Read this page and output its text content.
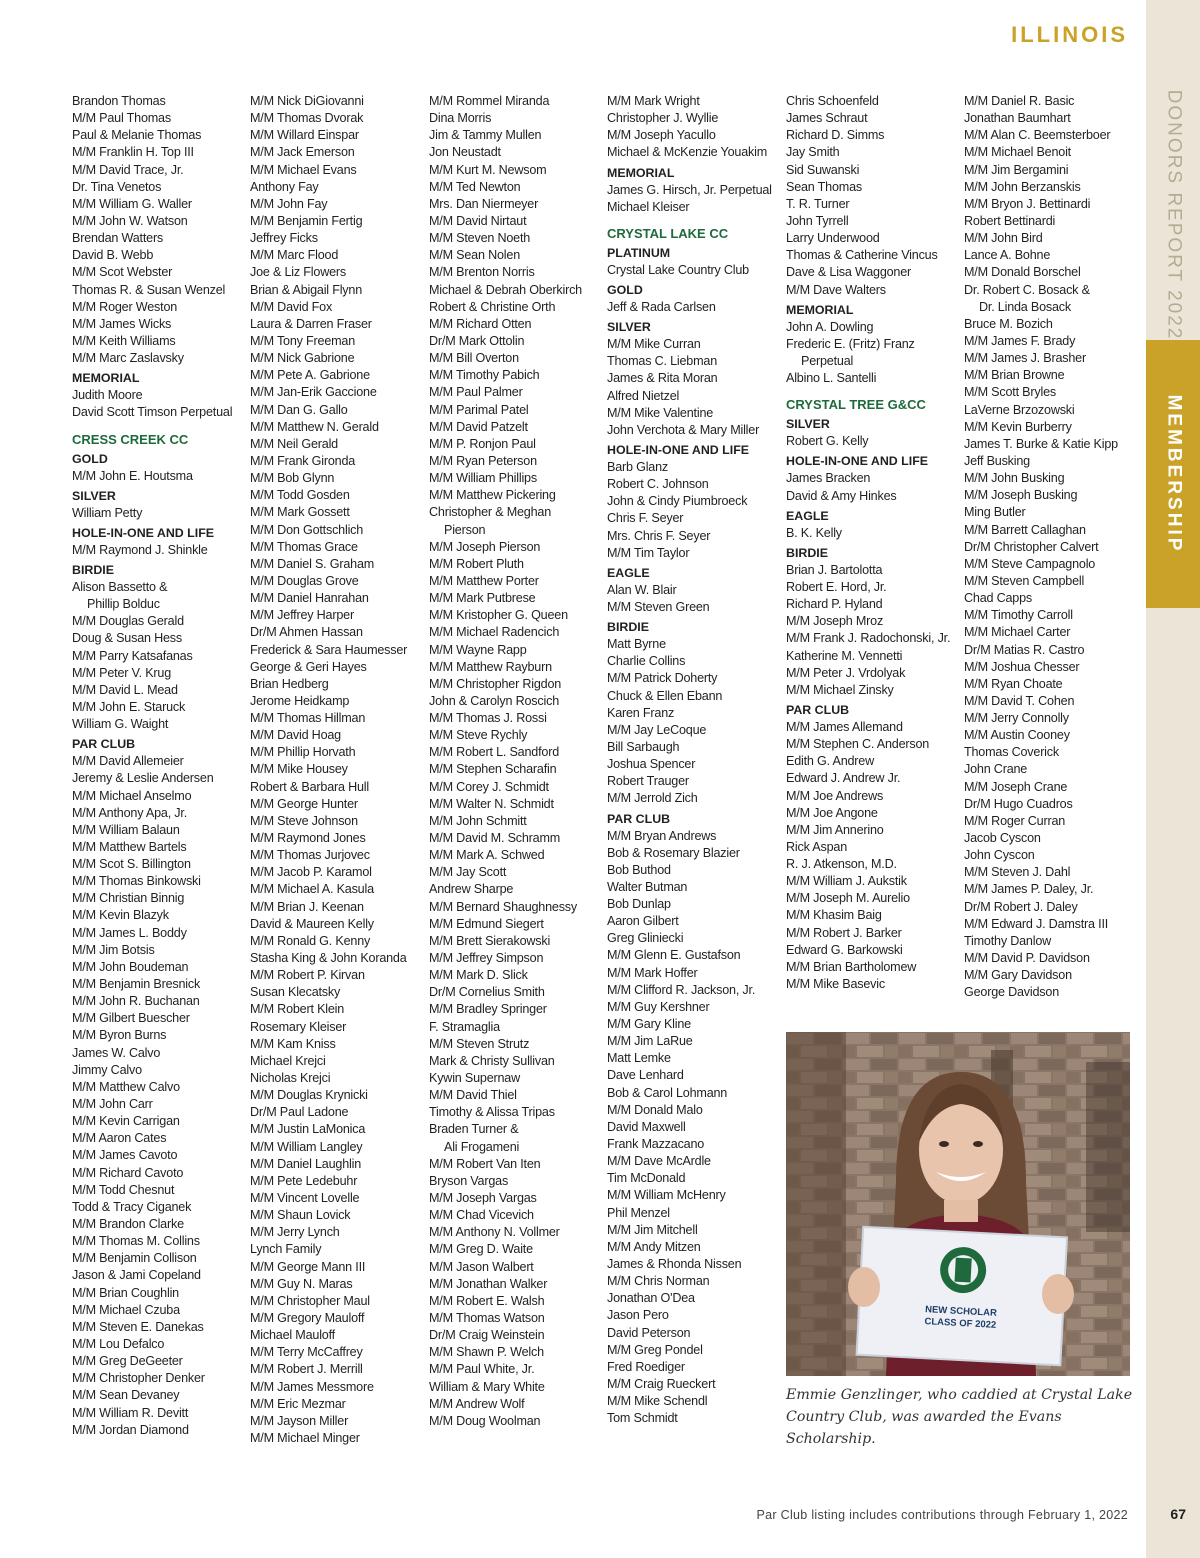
ILLINOIS
DONORS REPORT 2022
MEMBERSHIP
Brandon Thomas
M/M Paul Thomas
Paul & Melanie Thomas
M/M Franklin H. Top III
M/M David Trace, Jr.
Dr. Tina Venetos
M/M William G. Waller
M/M John W. Watson
Brendan Watters
David B. Webb
M/M Scot Webster
Thomas R. & Susan Wenzel
M/M Roger Weston
M/M James Wicks
M/M Keith Williams
M/M Marc Zaslavsky
MEMORIAL
Judith Moore
David Scott Timson Perpetual
CRESS CREEK CC
GOLD
M/M John E. Houtsma
SILVER
William Petty
HOLE-IN-ONE AND LIFE
M/M Raymond J. Shinkle
BIRDIE
Alison Bassetto &
Phillip Bolduc
M/M Douglas Gerald
Doug & Susan Hess
M/M Parry Katsafanas
M/M Peter V. Krug
M/M David L. Mead
M/M John E. Staruck
William G. Waight
PAR CLUB
M/M David Allemeier
Jeremy & Leslie Andersen
M/M Michael Anselmo
M/M Anthony Apa, Jr.
M/M William Balaun
M/M Matthew Bartels
M/M Scot S. Billington
M/M Thomas Binkowski
M/M Christian Binnig
M/M Kevin Blazyk
M/M James L. Boddy
M/M Jim Botsis
M/M John Boudeman
M/M Benjamin Bresnick
M/M John R. Buchanan
M/M Gilbert Buescher
M/M Byron Burns
James W. Calvo
Jimmy Calvo
M/M Matthew Calvo
M/M John Carr
M/M Kevin Carrigan
M/M Aaron Cates
M/M James Cavoto
M/M Richard Cavoto
M/M Todd Chesnut
Todd & Tracy Ciganek
M/M Brandon Clarke
M/M Thomas M. Collins
M/M Benjamin Collison
Jason & Jami Copeland
M/M Brian Coughlin
M/M Michael Czuba
M/M Steven E. Danekas
M/M Lou Defalco
M/M Greg DeGeeter
M/M Christopher Denker
M/M Sean Devaney
M/M William R. Devitt
M/M Jordan Diamond
M/M Nick DiGiovanni
M/M Thomas Dvorak
M/M Willard Einspar
M/M Jack Emerson
M/M Michael Evans
Anthony Fay
M/M John Fay
M/M Benjamin Fertig
Jeffrey Ficks
M/M Marc Flood
Joe & Liz Flowers
Brian & Abigail Flynn
M/M David Fox
Laura & Darren Fraser
M/M Tony Freeman
M/M Nick Gabrione
M/M Pete A. Gabrione
M/M Jan-Erik Gaccione
M/M Dan G. Gallo
M/M Matthew N. Gerald
M/M Neil Gerald
M/M Frank Gironda
M/M Bob Glynn
M/M Todd Gosden
M/M Mark Gossett
M/M Don Gottschlich
M/M Thomas Grace
M/M Daniel S. Graham
M/M Douglas Grove
M/M Daniel Hanrahan
M/M Jeffrey Harper
Dr/M Ahmen Hassan
Frederick & Sara Haumesser
George & Geri Hayes
Brian Hedberg
Jerome Heidkamp
M/M Thomas Hillman
M/M David Hoag
M/M Phillip Horvath
M/M Mike Housey
Robert & Barbara Hull
M/M George Hunter
M/M Steve Johnson
M/M Raymond Jones
M/M Thomas Jurjovec
M/M Jacob P. Karamol
M/M Michael A. Kasula
M/M Brian J. Keenan
David & Maureen Kelly
M/M Ronald G. Kenny
Stasha King & John Koranda
M/M Robert P. Kirvan
Susan Klecatsky
M/M Robert Klein
Rosemary Kleiser
M/M Kam Kniss
Michael Krejci
Nicholas Krejci
M/M Douglas Krynicki
Dr/M Paul Ladone
M/M Justin LaMonica
M/M William Langley
M/M Daniel Laughlin
M/M Pete Ledebuhr
M/M Vincent Lovelle
M/M Shaun Lovick
M/M Jerry Lynch
Lynch Family
M/M George Mann III
M/M Guy N. Maras
M/M Christopher Maul
M/M Gregory Mauloff
Michael Mauloff
M/M Terry McCaffrey
M/M Robert J. Merrill
M/M James Messmore
M/M Eric Mezmar
M/M Jayson Miller
M/M Michael Minger
M/M Rommel Miranda
Dina Morris
Jim & Tammy Mullen
Jon Neustadt
M/M Kurt M. Newsom
M/M Ted Newton
Mrs. Dan Niermeyer
M/M David Nirtaut
M/M Steven Noeth
M/M Sean Nolen
M/M Brenton Norris
Michael & Debrah Oberkirch
Robert & Christine Orth
M/M Richard Otten
Dr/M Mark Ottolin
M/M Bill Overton
M/M Timothy Pabich
M/M Paul Palmer
M/M Parimal Patel
M/M David Patzelt
M/M P. Ronjon Paul
M/M Ryan Peterson
M/M William Phillips
M/M Matthew Pickering
Christopher & Meghan
Pierson
M/M Joseph Pierson
M/M Robert Pluth
M/M Matthew Porter
M/M Mark Putbrese
M/M Kristopher G. Queen
M/M Michael Radencich
M/M Wayne Rapp
M/M Matthew Rayburn
M/M Christopher Rigdon
John & Carolyn Roscich
M/M Thomas J. Rossi
M/M Steve Rychly
M/M Robert L. Sandford
M/M Stephen Scharafin
M/M Corey J. Schmidt
M/M Walter N. Schmidt
M/M John Schmitt
M/M David M. Schramm
M/M Mark A. Schwed
M/M Jay Scott
Andrew Sharpe
M/M Bernard Shaughnessy
M/M Edmund Siegert
M/M Brett Sierakowski
M/M Jeffrey Simpson
M/M Mark D. Slick
Dr/M Cornelius Smith
M/M Bradley Springer
F. Stramaglia
M/M Steven Strutz
Mark & Christy Sullivan
Kywin Supernaw
M/M David Thiel
Timothy & Alissa Tripas
Braden Turner &
Ali Frogameni
M/M Robert Van Iten
Bryson Vargas
M/M Joseph Vargas
M/M Chad Vicevich
M/M Anthony N. Vollmer
M/M Greg D. Waite
M/M Jason Walbert
M/M Jonathan Walker
M/M Robert E. Walsh
M/M Thomas Watson
Dr/M Craig Weinstein
M/M Shawn P. Welch
M/M Paul White, Jr.
William & Mary White
M/M Andrew Wolf
M/M Doug Woolman
M/M Mark Wright
Christopher J. Wyllie
M/M Joseph Yacullo
Michael & McKenzie Youakim
MEMORIAL
James G. Hirsch, Jr. Perpetual
Michael Kleiser
CRYSTAL LAKE CC
PLATINUM
Crystal Lake Country Club
GOLD
Jeff & Rada Carlsen
SILVER
M/M Mike Curran
Thomas C. Liebman
James & Rita Moran
Alfred Nietzel
M/M Mike Valentine
John Verchota & Mary Miller
HOLE-IN-ONE AND LIFE
Barb Glanz
Robert C. Johnson
John & Cindy Piumbroeck
Chris F. Seyer
Mrs. Chris F. Seyer
M/M Tim Taylor
EAGLE
Alan W. Blair
M/M Steven Green
BIRDIE
Matt Byrne
Charlie Collins
M/M Patrick Doherty
Chuck & Ellen Ebann
Karen Franz
M/M Jay LeCoque
Bill Sarbaugh
Joshua Spencer
Robert Trauger
M/M Jerrold Zich
PAR CLUB
M/M Bryan Andrews
Bob & Rosemary Blazier
Bob Buthod
Walter Butman
Bob Dunlap
Aaron Gilbert
Greg Gliniecki
M/M Glenn E. Gustafson
M/M Mark Hoffer
M/M Clifford R. Jackson, Jr.
M/M Guy Kershner
M/M Gary Kline
M/M Jim LaRue
Matt Lemke
Dave Lenhard
Bob & Carol Lohmann
M/M Donald Malo
David Maxwell
Frank Mazzacano
M/M Dave McArdle
Tim McDonald
M/M William McHenry
Phil Menzel
M/M Jim Mitchell
M/M Andy Mitzen
James & Rhonda Nissen
M/M Chris Norman
Jonathan O'Dea
Jason Pero
David Peterson
M/M Greg Pondel
Fred Roediger
M/M Craig Rueckert
M/M Mike Schendl
Tom Schmidt
Chris Schoenfeld
James Schraut
Richard D. Simms
Jay Smith
Sid Suwanski
Sean Thomas
T. R. Turner
John Tyrrell
Larry Underwood
Thomas & Catherine Vincus
Dave & Lisa Waggoner
M/M Dave Walters
MEMORIAL
John A. Dowling
Frederic E. (Fritz) Franz
Perpetual
Albino L. Santelli
CRYSTAL TREE G&CC
SILVER
Robert G. Kelly
HOLE-IN-ONE AND LIFE
James Bracken
David & Amy Hinkes
EAGLE
B. K. Kelly
BIRDIE
Brian J. Bartolotta
Robert E. Hord, Jr.
Richard P. Hyland
M/M Joseph Mroz
M/M Frank J. Radochonski, Jr.
Katherine M. Vennetti
M/M Peter J. Vrdolyak
M/M Michael Zinsky
PAR CLUB
M/M James Allemand
M/M Stephen C. Anderson
Edith G. Andrew
Edward J. Andrew Jr.
M/M Joe Andrews
M/M Joe Angone
M/M Jim Annerino
Rick Aspan
R. J. Atkenson, M.D.
M/M William J. Aukstik
M/M Joseph M. Aurelio
M/M Khasim Baig
M/M Robert J. Barker
Edward G. Barkowski
M/M Brian Bartholomew
M/M Mike Basevic
M/M Daniel R. Basic
Jonathan Baumhart
M/M Alan C. Beemsterboer
M/M Michael Benoit
M/M Jim Bergamini
M/M John Berzanskis
M/M Bryon J. Bettinardi
Robert Bettinardi
M/M John Bird
Lance A. Bohne
M/M Donald Borschel
Dr. Robert C. Bosack &
Dr. Linda Bosack
Bruce M. Bozich
M/M James F. Brady
M/M James J. Brasher
M/M Brian Browne
M/M Scott Bryles
LaVerne Brzozowski
M/M Kevin Burberry
James T. Burke & Katie Kipp
Jeff Busking
M/M John Busking
M/M Joseph Busking
Ming Butler
M/M Barrett Callaghan
Dr/M Christopher Calvert
M/M Steve Campagnolo
M/M Steven Campbell
Chad Capps
M/M Timothy Carroll
M/M Michael Carter
Dr/M Matias R. Castro
M/M Joshua Chesser
M/M Ryan Choate
M/M David T. Cohen
M/M Jerry Connolly
M/M Austin Cooney
Thomas Coverick
John Crane
M/M Joseph Crane
Dr/M Hugo Cuadros
M/M Roger Curran
Jacob Cyscon
John Cyscon
M/M Steven J. Dahl
M/M James P. Daley, Jr.
Dr/M Robert J. Daley
M/M Edward J. Damstra III
Timothy Danlow
M/M David P. Davidson
M/M Gary Davidson
George Davidson
NEW SCHOLAR
CLASS OF 2022
Emmie Genzlinger, who caddied at Crystal Lake Country Club, was awarded the Evans Scholarship.
Par Club listing includes contributions through February 1, 2022	67
